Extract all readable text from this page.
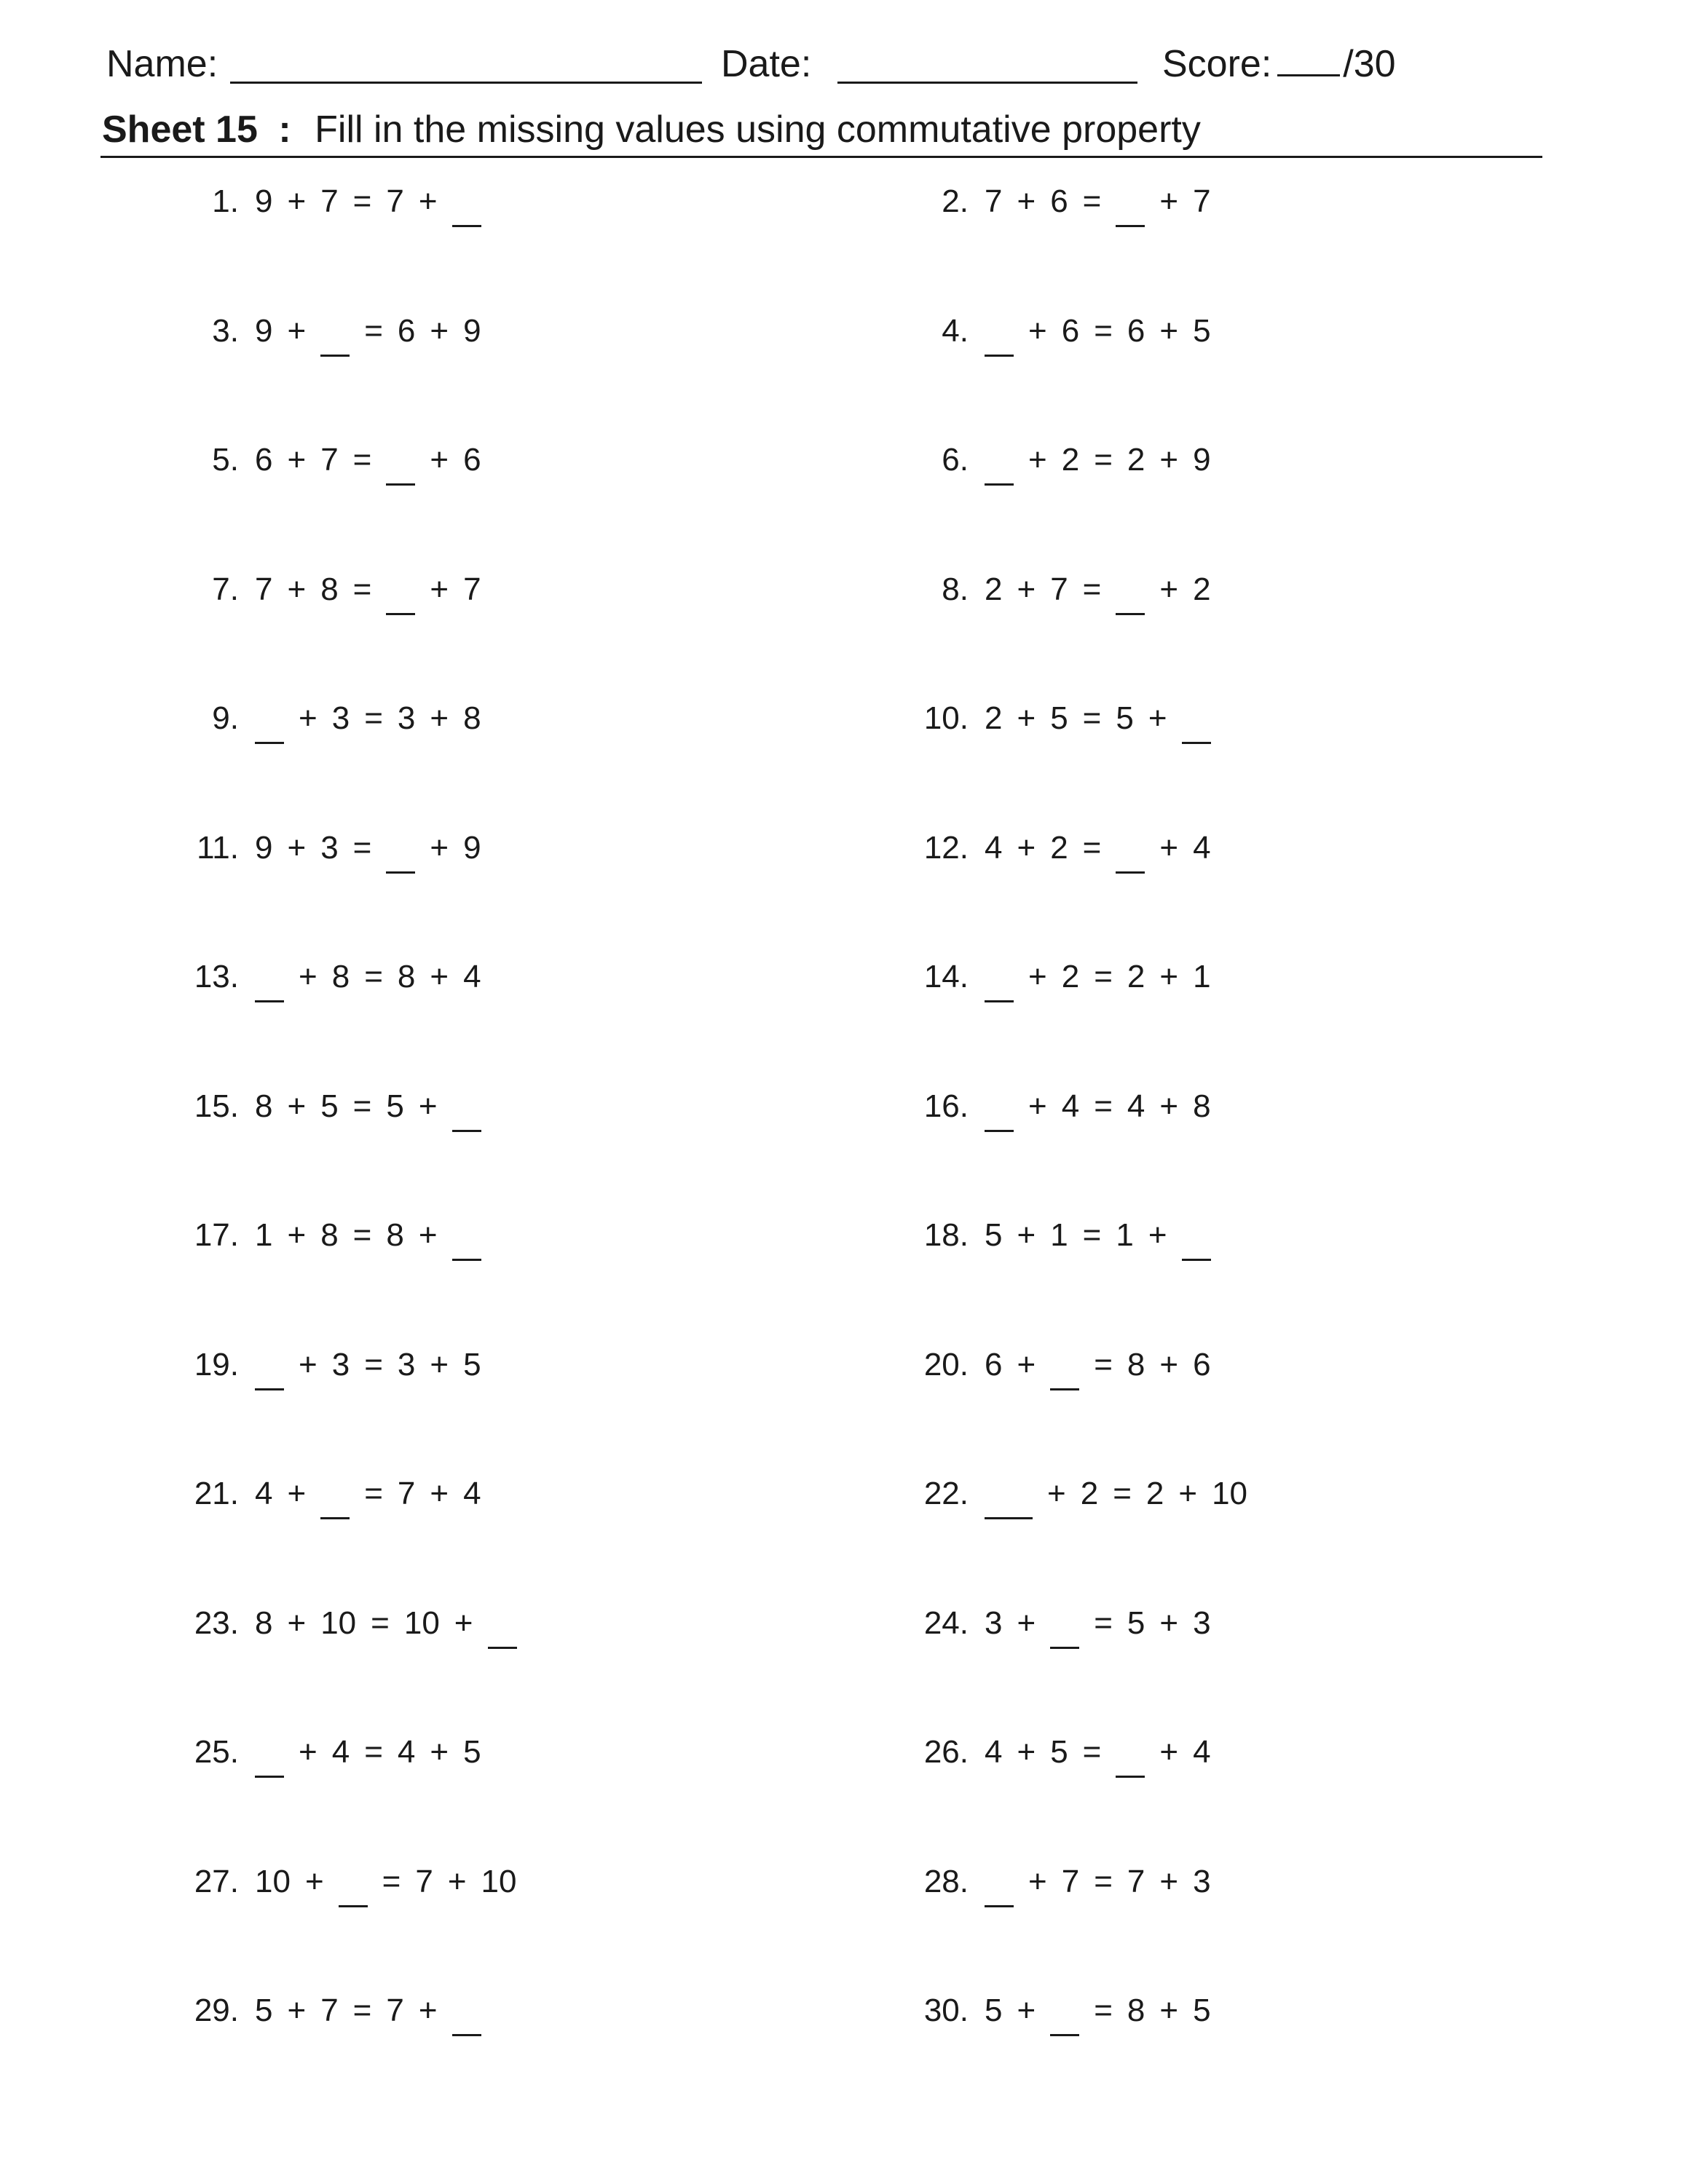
Name:	Date:	Score: /30
Sheet 15 : Fill in the missing values using commutative property
1. 9 + 7 = 7 +	2. 7 + 6 = + 7
3. 9 + = 6 + 9	4. + 6 = 6 + 5
5. 6 + 7 = + 6	6. + 2 = 2 + 9
7. 7 + 8 = + 7	8. 2 + 7 = + 2
9. + 3 = 3 + 8	10. 2 + 5 = 5 +
11. 9 + 3 = + 9	12. 4 + 2 = + 4
13. + 8 = 8 + 4	14. + 2 = 2 + 1
15. 8 + 5 = 5 +	16. + 4 = 4 + 8
17. 1 + 8 = 8 +	18. 5 + 1 = 1 +
19. + 3 = 3 + 5	20. 6 + = 8 + 6
21. 4 + = 7 + 4	22. + 2 = 2 + 10
23. 8 + 10 = 10 +	24. 3 + = 5 + 3
25. + 4 = 4 + 5	26. 4 + 5 = + 4
27. 10 + = 7 + 10	28. + 7 = 7 + 3
29. 5 + 7 = 7 +	30. 5 + = 8 + 5
